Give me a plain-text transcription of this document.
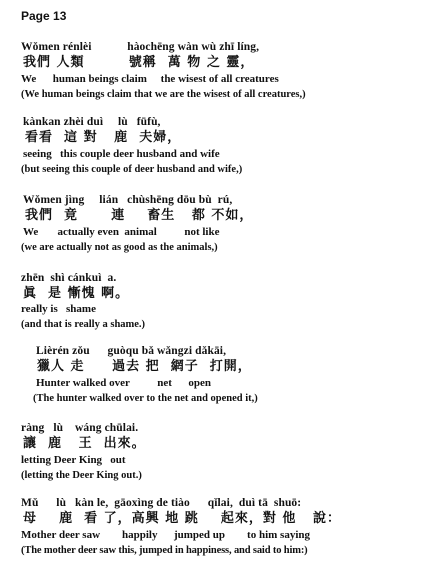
Page 13
Wǒmen rénlèi            hàochēng wàn wù zhī líng,
我們 人類        號稱  萬 物 之 靈，
We      human beings claim     the wisest of all creatures
(We human beings claim that we are the wisest of all creatures,)
kànkan zhèi duì     lù   fūfù,
看看  這 對   鹿  夫婦，
seeing   this couple deer husband and wife
(but seeing this couple of deer husband and wife,)
Wǒmen jìng     lián   chùshēng dōu bù  rú,
我們  竟      連    畜生   都 不如，
We       actually even  animal          not like
(we are actually not as good as the animals,)
zhēn  shì cánkuì  a.
眞  是 慚愧 啊。
really is   shame
(and that is really a shame.)
Lièrén zǒu      guòqu bǎ wǎngzi dǎkāi,
獵人 走     過去 把  網子  打開，
Hunter walked over          net      open
(The hunter walked over to the net and opened it,)
ràng   lù    wáng chūlai.
讓  鹿   王  出來。
letting Deer King   out
(letting the Deer King out.)
Mǔ      lù   kàn le,  gāoxìng de tiào      qǐlai,  duì tā  shuō:
母    鹿  看 了，高興 地 跳    起來，對 他   說：
Mother deer saw        happily      jumped up        to him saying
(The mother deer saw this, jumped in happiness, and said to him:)
